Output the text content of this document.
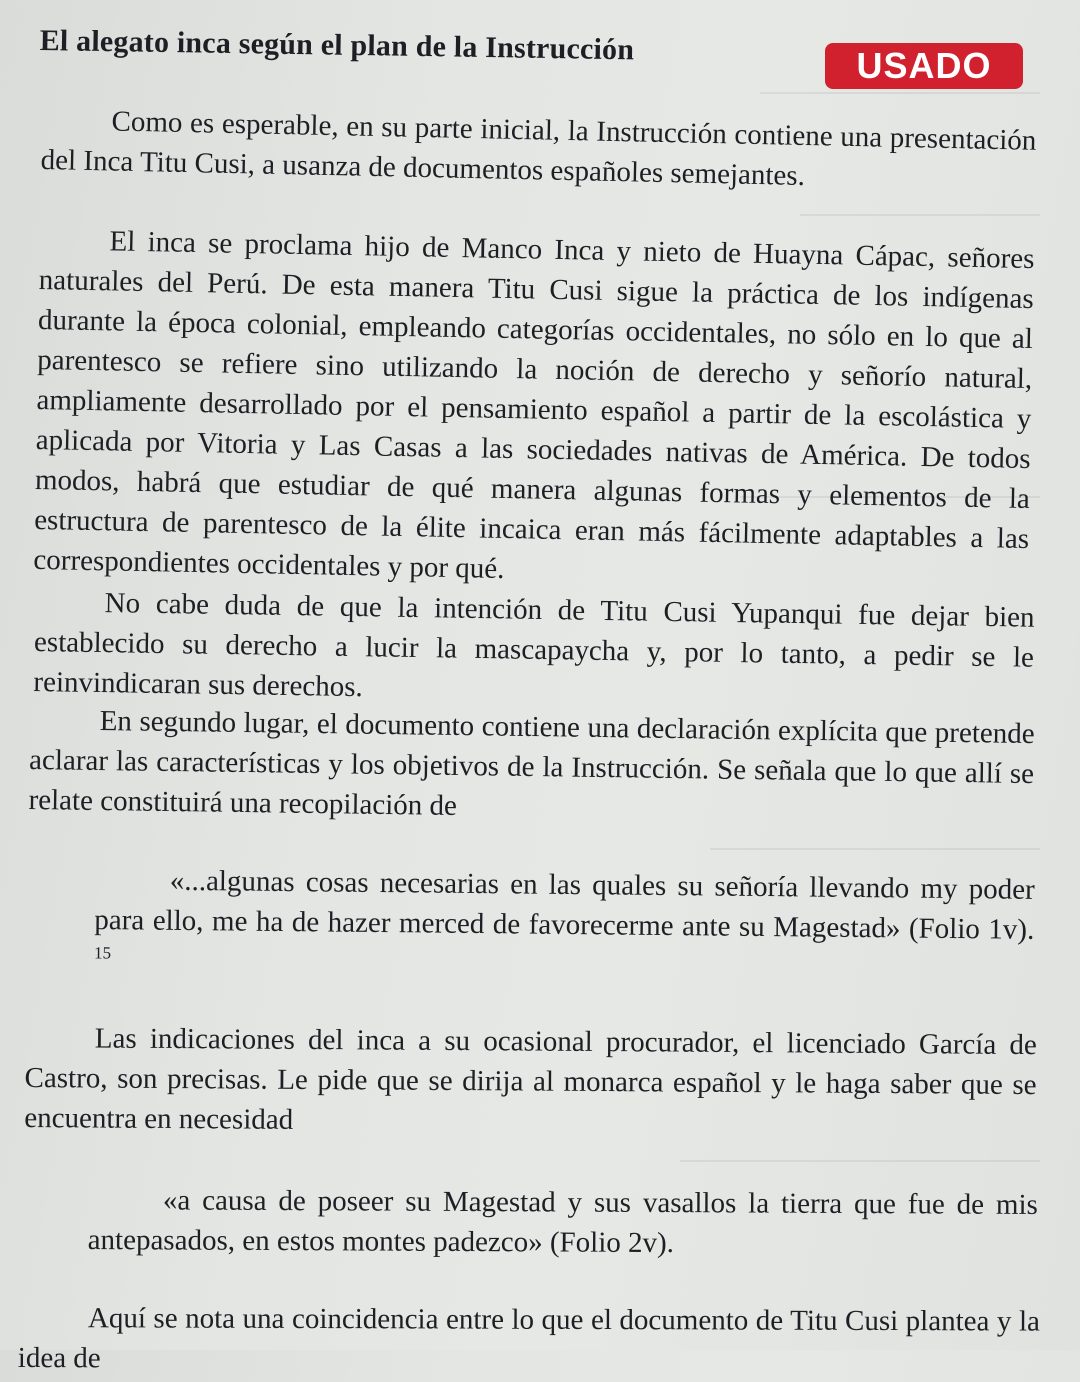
El alegato inca según el plan de la Instrucción	USADO
Como es esperable, en su parte inicial, la Instrucción contiene una presentación del Inca Titu Cusi, a usanza de documentos españoles semejantes.
El inca se proclama hijo de Manco Inca y nieto de Huayna Cápac, señores naturales del Perú. De esta manera Titu Cusi sigue la práctica de los indígenas durante la época colonial, empleando categorías occidentales, no sólo en lo que al parentesco se refiere sino utilizando la noción de derecho y señorío natural, ampliamente desarrollado por el pensamiento español a partir de la escolástica y aplicada por Vitoria y Las Casas a las sociedades nativas de América. De todos modos, habrá que estudiar de qué manera algunas formas y elementos de la estructura de parentesco de la élite incaica eran más fácilmente adaptables a las correspondientes occidentales y por qué.
No cabe duda de que la intención de Titu Cusi Yupanqui fue dejar bien establecido su derecho a lucir la mascapaycha y, por lo tanto, a pedir se le reinvindicaran sus derechos.
En segundo lugar, el documento contiene una declaración explícita que pretende aclarar las características y los objetivos de la Instrucción. Se señala que lo que allí se relate constituirá una recopilación de
«...algunas cosas necesarias en las quales su señoría llevando my poder para ello, me ha de hazer merced de favorecerme ante su Magestad» (Folio 1v). $^{15}$
Las indicaciones del inca a su ocasional procurador, el licenciado García de Castro, son precisas. Le pide que se dirija al monarca español y le haga saber que se encuentra en necesidad
«a causa de poseer su Magestad y sus vasallos la tierra que fue de mis antepasados, en estos montes padezco» (Folio 2v).
Aquí se nota una coincidencia entre lo que el documento de Titu Cusi plantea y la idea de
